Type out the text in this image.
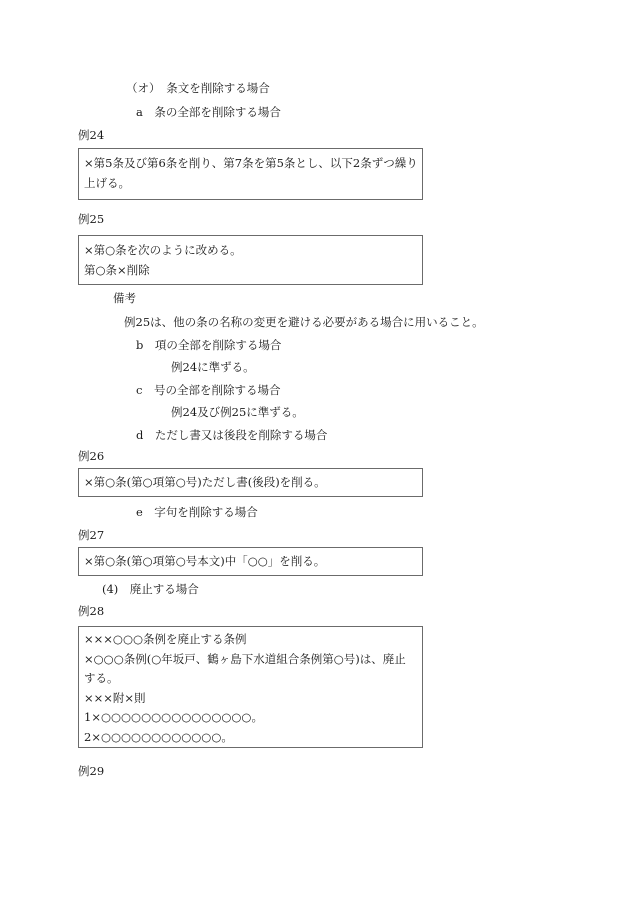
（オ）　条文を削除する場合
a　条の全部を削除する場合
例24
×第5条及び第6条を削り、第7条を第5条とし、以下2条ずつ繰り
上げる。
例25
×第○条を次のように改める。
第○条×削除
備考
例25は、他の条の名称の変更を避ける必要がある場合に用いること。
b　項の全部を削除する場合
例24に準ずる。
c　号の全部を削除する場合
例24及び例25に準ずる。
d　ただし書又は後段を削除する場合
例26
×第○条(第○項第○号)ただし書(後段)を削る。
e　字句を削除する場合
例27
×第○条(第○項第○号本文)中「○○」を削る。
(4)　廃止する場合
例28
×××○○○条例を廃止する条例
×○○○条例(○年坂戸、鶴ヶ島下水道組合条例第○号)は、廃止
する。
×××附×則
1×○○○○○○○○○○○○○○○。
2×○○○○○○○○○○○○。
例29
